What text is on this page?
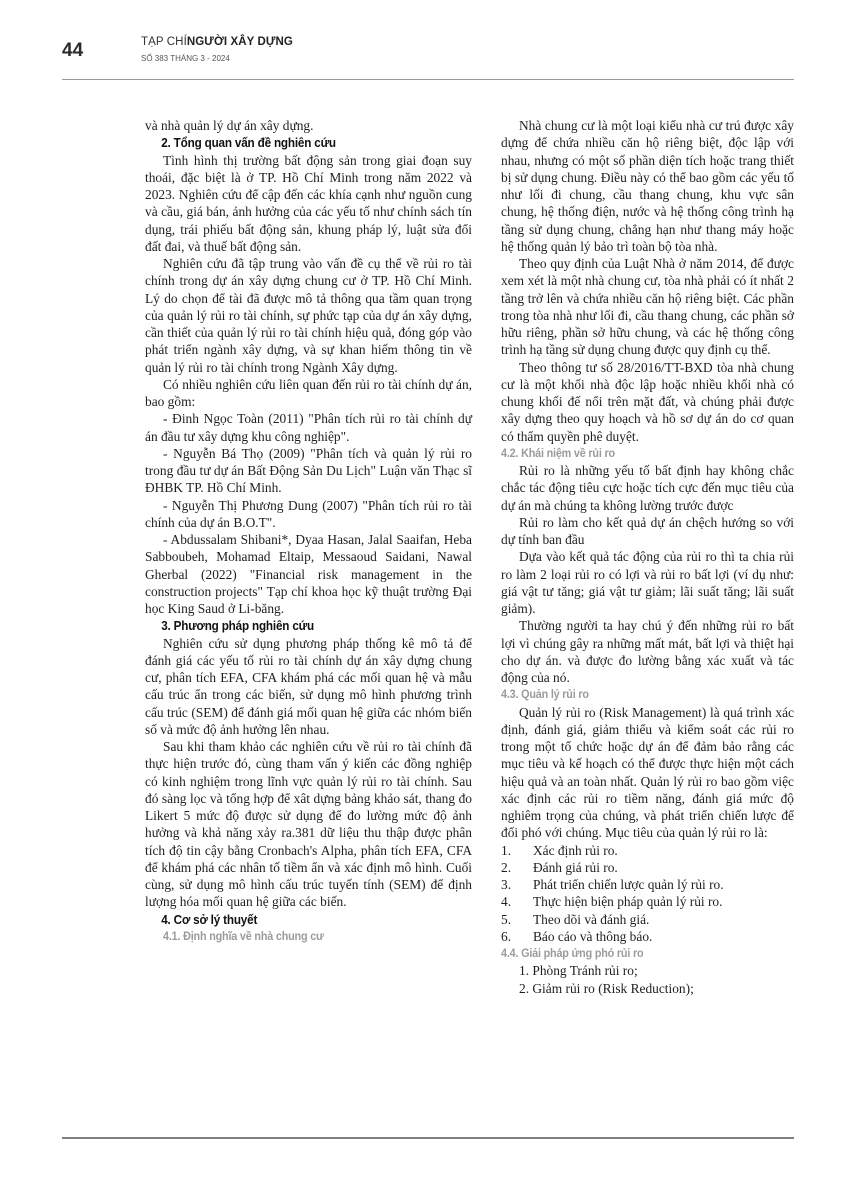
44	TẠP CHÍNGƯỜI XÂY DỰNG
SỐ 383 THÁNG 3 - 2024

và nhà quản lý dự án xây dựng.

2. Tổng quan vấn đề nghiên cứu

Tình hình thị trường bất động sản trong giai đoạn suy thoái, đặc biệt là ở TP. Hồ Chí Minh trong năm 2022 và 2023. Nghiên cứu để cập đến các khía cạnh như nguồn cung và cầu, giá bán, ảnh hưởng của các yếu tố như chính sách tín dụng, trái phiếu bất động sản, khung pháp lý, luật sửa đổi đất đai, và thuế bất động sản.

Nghiên cứu đã tập trung vào vấn đề cụ thể về rủi ro tài chính trong dự án xây dựng chung cư ở TP. Hồ Chí Minh. Lý do chọn để tài đã được mô tả thông qua tầm quan trọng của quản lý rủi ro tài chính, sự phức tạp của dự án xây dựng, cần thiết của quản lý rủi ro tài chính hiệu quả, đóng góp vào phát triển ngành xây dựng, và sự khan hiếm thông tin về quản lý rủi ro tài chính trong Ngành Xây dựng.

Có nhiều nghiên cứu liên quan đến rủi ro tài chính dự án, bao gồm:

- Đinh Ngọc Toàn (2011) "Phân tích rủi ro tài chính dự án đầu tư xây dựng khu công nghiệp".

- Nguyễn Bá Thọ (2009) "Phân tích và quản lý rủi ro trong đầu tư dự án Bất Động Sản Du Lịch" Luận văn Thạc sĩ ĐHBK TP. Hồ Chí Minh.

- Nguyễn Thị Phương Dung (2007) "Phân tích rủi ro tài chính của dự án B.O.T".

- Abdussalam Shibani*, Dyaa Hasan, Jalal Saaifan, Heba Sabboubeh, Mohamad Eltaip, Messaoud Saidani, Nawal Gherbal (2022) "Financial risk management in the construction projects" Tạp chí khoa học kỹ thuật trường Đại học King Saud ở Li-băng.

3. Phương pháp nghiên cứu

Nghiên cứu sử dụng phương pháp thống kê mô tả để đánh giá các yếu tố rủi ro tài chính dự án xây dựng chung cư, phân tích EFA, CFA khám phá các mối quan hệ và mẫu cấu trúc ẩn trong các biến, sử dụng mô hình phương trình cấu trúc (SEM) để đánh giá mối quan hệ giữa các nhóm biến số và mức độ ảnh hưởng lên nhau.

Sau khi tham khảo các nghiên cứu về rủi ro tài chính đã thực hiện trước đó, cùng tham vấn ý kiến các đồng nghiệp có kinh nghiệm trong lĩnh vực quản lý rủi ro tài chính. Sau đó sàng lọc và tổng hợp để xât dựng bảng khảo sát, thang đo Likert 5 mức độ được sử dụng để đo lường mức độ ảnh hưởng và khả năng xảy ra.381 dữ liệu thu thập được phân tích độ tin cậy bằng Cronbach's Alpha, phân tích EFA, CFA để khám phá các nhân tố tiềm ẩn và xác định mô hình. Cuối cùng, sử dụng mô hình cấu trúc tuyến tính (SEM) để định lượng hóa mối quan hệ giữa các biến.

4. Cơ sở lý thuyết
4.1. Định nghĩa về nhà chung cư

Nhà chung cư là một loại kiểu nhà cư trú được xây dựng để chứa nhiều căn hộ riêng biệt, độc lập với nhau, nhưng có một số phần diện tích hoặc trang thiết bị sử dụng chung. Điều này có thể bao gồm các yếu tố như lối đi chung, cầu thang chung, khu vực sân chung, hệ thống điện, nước và hệ thống công trình hạ tầng sử dụng chung, chẳng hạn như thang máy hoặc hệ thống quản lý bảo trì toàn bộ tòa nhà.

Theo quy định của Luật Nhà ở năm 2014, để được xem xét là một nhà chung cư, tòa nhà phải có ít nhất 2 tầng trở lên và chứa nhiều căn hộ riêng biệt. Các phần trong tòa nhà như lối đi, cầu thang chung, các phần sở hữu riêng, phần sở hữu chung, và các hệ thống công trình hạ tầng sử dụng chung được quy định cụ thể.

Theo thông tư số 28/2016/TT-BXD tòa nhà chung cư là một khối nhà độc lập hoặc nhiều khối nhà có chung khối đế nổi trên mặt đất, và chúng phải được xây dựng theo quy hoạch và hồ sơ dự án do cơ quan có thẩm quyền phê duyệt.

4.2. Khái niệm về rủi ro

Rủi ro là những yếu tố bất định hay không chắc chắc tác động tiêu cực hoặc tích cực đến mục tiêu của dự án mà chúng ta không lường trước được

Rủi ro làm cho kết quả dự án chệch hướng so với dự tính ban đầu

Dựa vào kết quả tác động của rủi ro thì ta chia rủi ro làm 2 loại rủi ro có lợi và rủi ro bất lợi (ví dụ như: giá vật tư tăng; giá vật tư giảm; lãi suất tăng; lãi suất giảm).

Thường người ta hay chú ý đến những rủi ro bất lợi vì chúng gây ra những mất mát, bất lợi và thiệt hại cho dự án. và được đo lường bằng xác xuất và tác động của nó.

4.3. Quản lý rủi ro

Quản lý rủi ro (Risk Management) là quá trình xác định, đánh giá, giảm thiểu và kiểm soát các rủi ro trong một tổ chức hoặc dự án để đảm bảo rằng các mục tiêu và kế hoạch có thể được thực hiện một cách hiệu quả và an toàn nhất. Quản lý rủi ro bao gồm việc xác định các rủi ro tiềm năng, đánh giá mức độ nghiêm trọng của chúng, và phát triển chiến lược để đối phó với chúng. Mục tiêu của quản lý rủi ro là:

1.	Xác định rủi ro.
2.	Đánh giá rủi ro.
3.	Phát triển chiến lược quản lý rủi ro.
4.	Thực hiện biện pháp quản lý rủi ro.
5.	Theo dõi và đánh giá.
6.	Báo cáo và thông báo.
4.4. Giải pháp ứng phó rủi ro

1. Phòng Tránh rủi ro;

2. Giảm rủi ro (Risk Reduction);
